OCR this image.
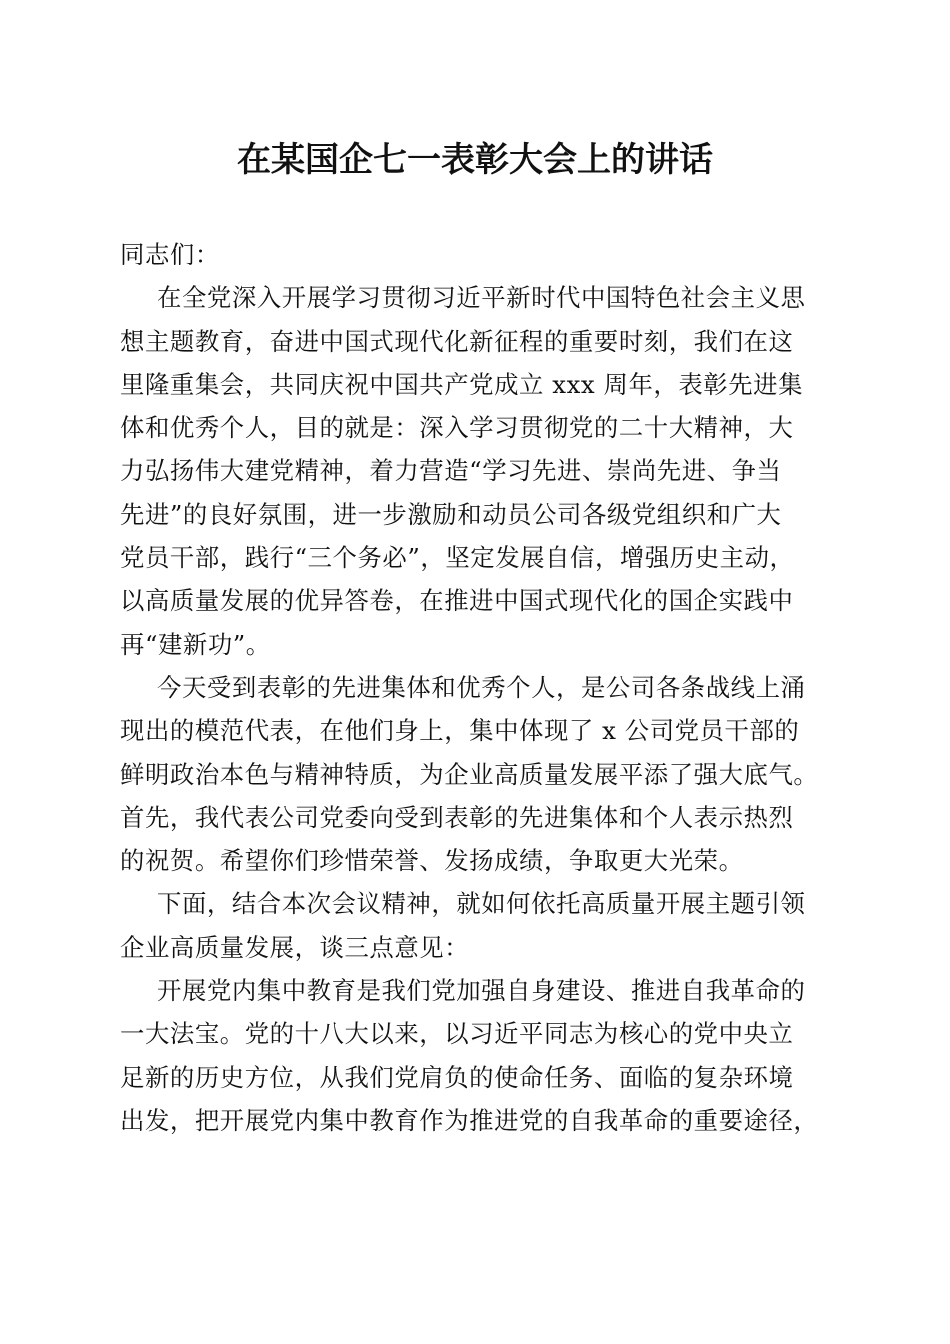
在某国企七一表彰大会上的讲话
同志们：
在全党深入开展学习贯彻习近平新时代中国特色社会主义思
想主题教育，奋进中国式现代化新征程的重要时刻，我们在这
里隆重集会，共同庆祝中国共产党成立 xxx 周年，表彰先进集
体和优秀个人，目的就是：深入学习贯彻党的二十大精神，大
力弘扬伟大建党精神，着力营造“学习先进、崇尚先进、争当
先进”的良好氛围，进一步激励和动员公司各级党组织和广大
党员干部，践行“三个务必”，坚定发展自信，增强历史主动，
以高质量发展的优异答卷，在推进中国式现代化的国企实践中
再“建新功”。
今天受到表彰的先进集体和优秀个人，是公司各条战线上涌
现出的模范代表，在他们身上，集中体现了 x 公司党员干部的
鲜明政治本色与精神特质，为企业高质量发展平添了强大底气。
首先，我代表公司党委向受到表彰的先进集体和个人表示热烈
的祝贺。希望你们珍惜荣誉、发扬成绩，争取更大光荣。
下面，结合本次会议精神，就如何依托高质量开展主题引领
企业高质量发展，谈三点意见：
开展党内集中教育是我们党加强自身建设、推进自我革命的
一大法宝。党的十八大以来，以习近平同志为核心的党中央立
足新的历史方位，从我们党肩负的使命任务、面临的复杂环境
出发，把开展党内集中教育作为推进党的自我革命的重要途径，
